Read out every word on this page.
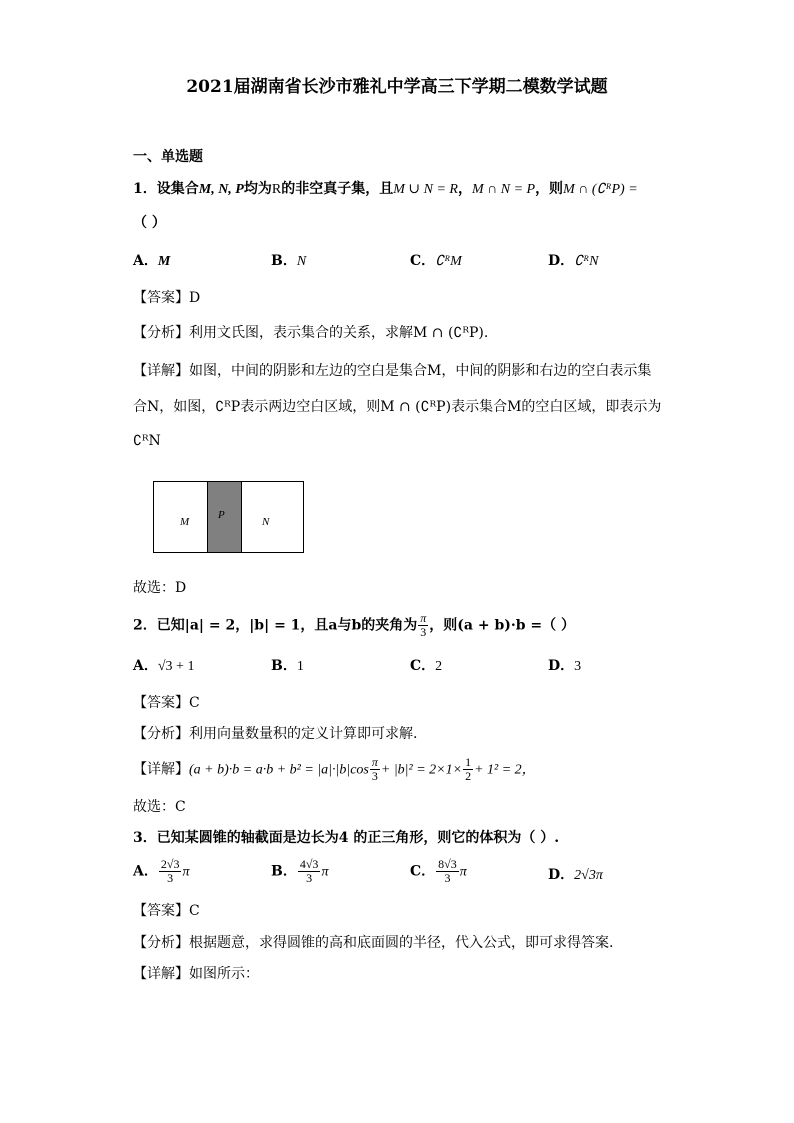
2021届湖南省长沙市雅礼中学高三下学期二模数学试题
一、单选题
1．设集合M, N, P均为R的非空真子集，且M ∪ N = R，M ∩ N = P，则M ∩ (∁ᴿP) =
（ ）
A．M	B．N	C．∁ᴿM	D．∁ᴿN
【答案】D
【分析】利用文氏图，表示集合的关系，求解M ∩ (∁ᴿP).
【详解】如图，中间的阴影和左边的空白是集合M，中间的阴影和右边的空白表示集
合N，如图，∁ᴿP表示两边空白区域，则M ∩ (∁ᴿP)表示集合M的空白区域，即表示为
∁ᴿN
M
P
N
故选：D
2．已知|a| = 2，|b| = 1，且a与b的夹角为 $\frac{\pi}{3}$ ，则(a + b)·b =（ ）
A．√3 + 1	B．1	C．2	D．3
【答案】C
【分析】利用向量数量积的定义计算即可求解.
【详解】$(a + b)\cdot b = a\cdot b + b^2 = |a|\cdot|b|\cos \frac{\pi}{3} + |b|^2 = 2\times 1\times \frac{1}{2} + 1^2 = 2$，
故选：C
3．已知某圆锥的轴截面是边长为4 的正三角形，则它的体积为（ ）.
A． $\frac{2√3}{3}$ π	B． $\frac{4√3}{3}$ π	C． $\frac{8√3}{3}$ π	D．2√3π
【答案】C
【分析】根据题意，求得圆锥的高和底面圆的半径，代入公式，即可求得答案.
【详解】如图所示：
